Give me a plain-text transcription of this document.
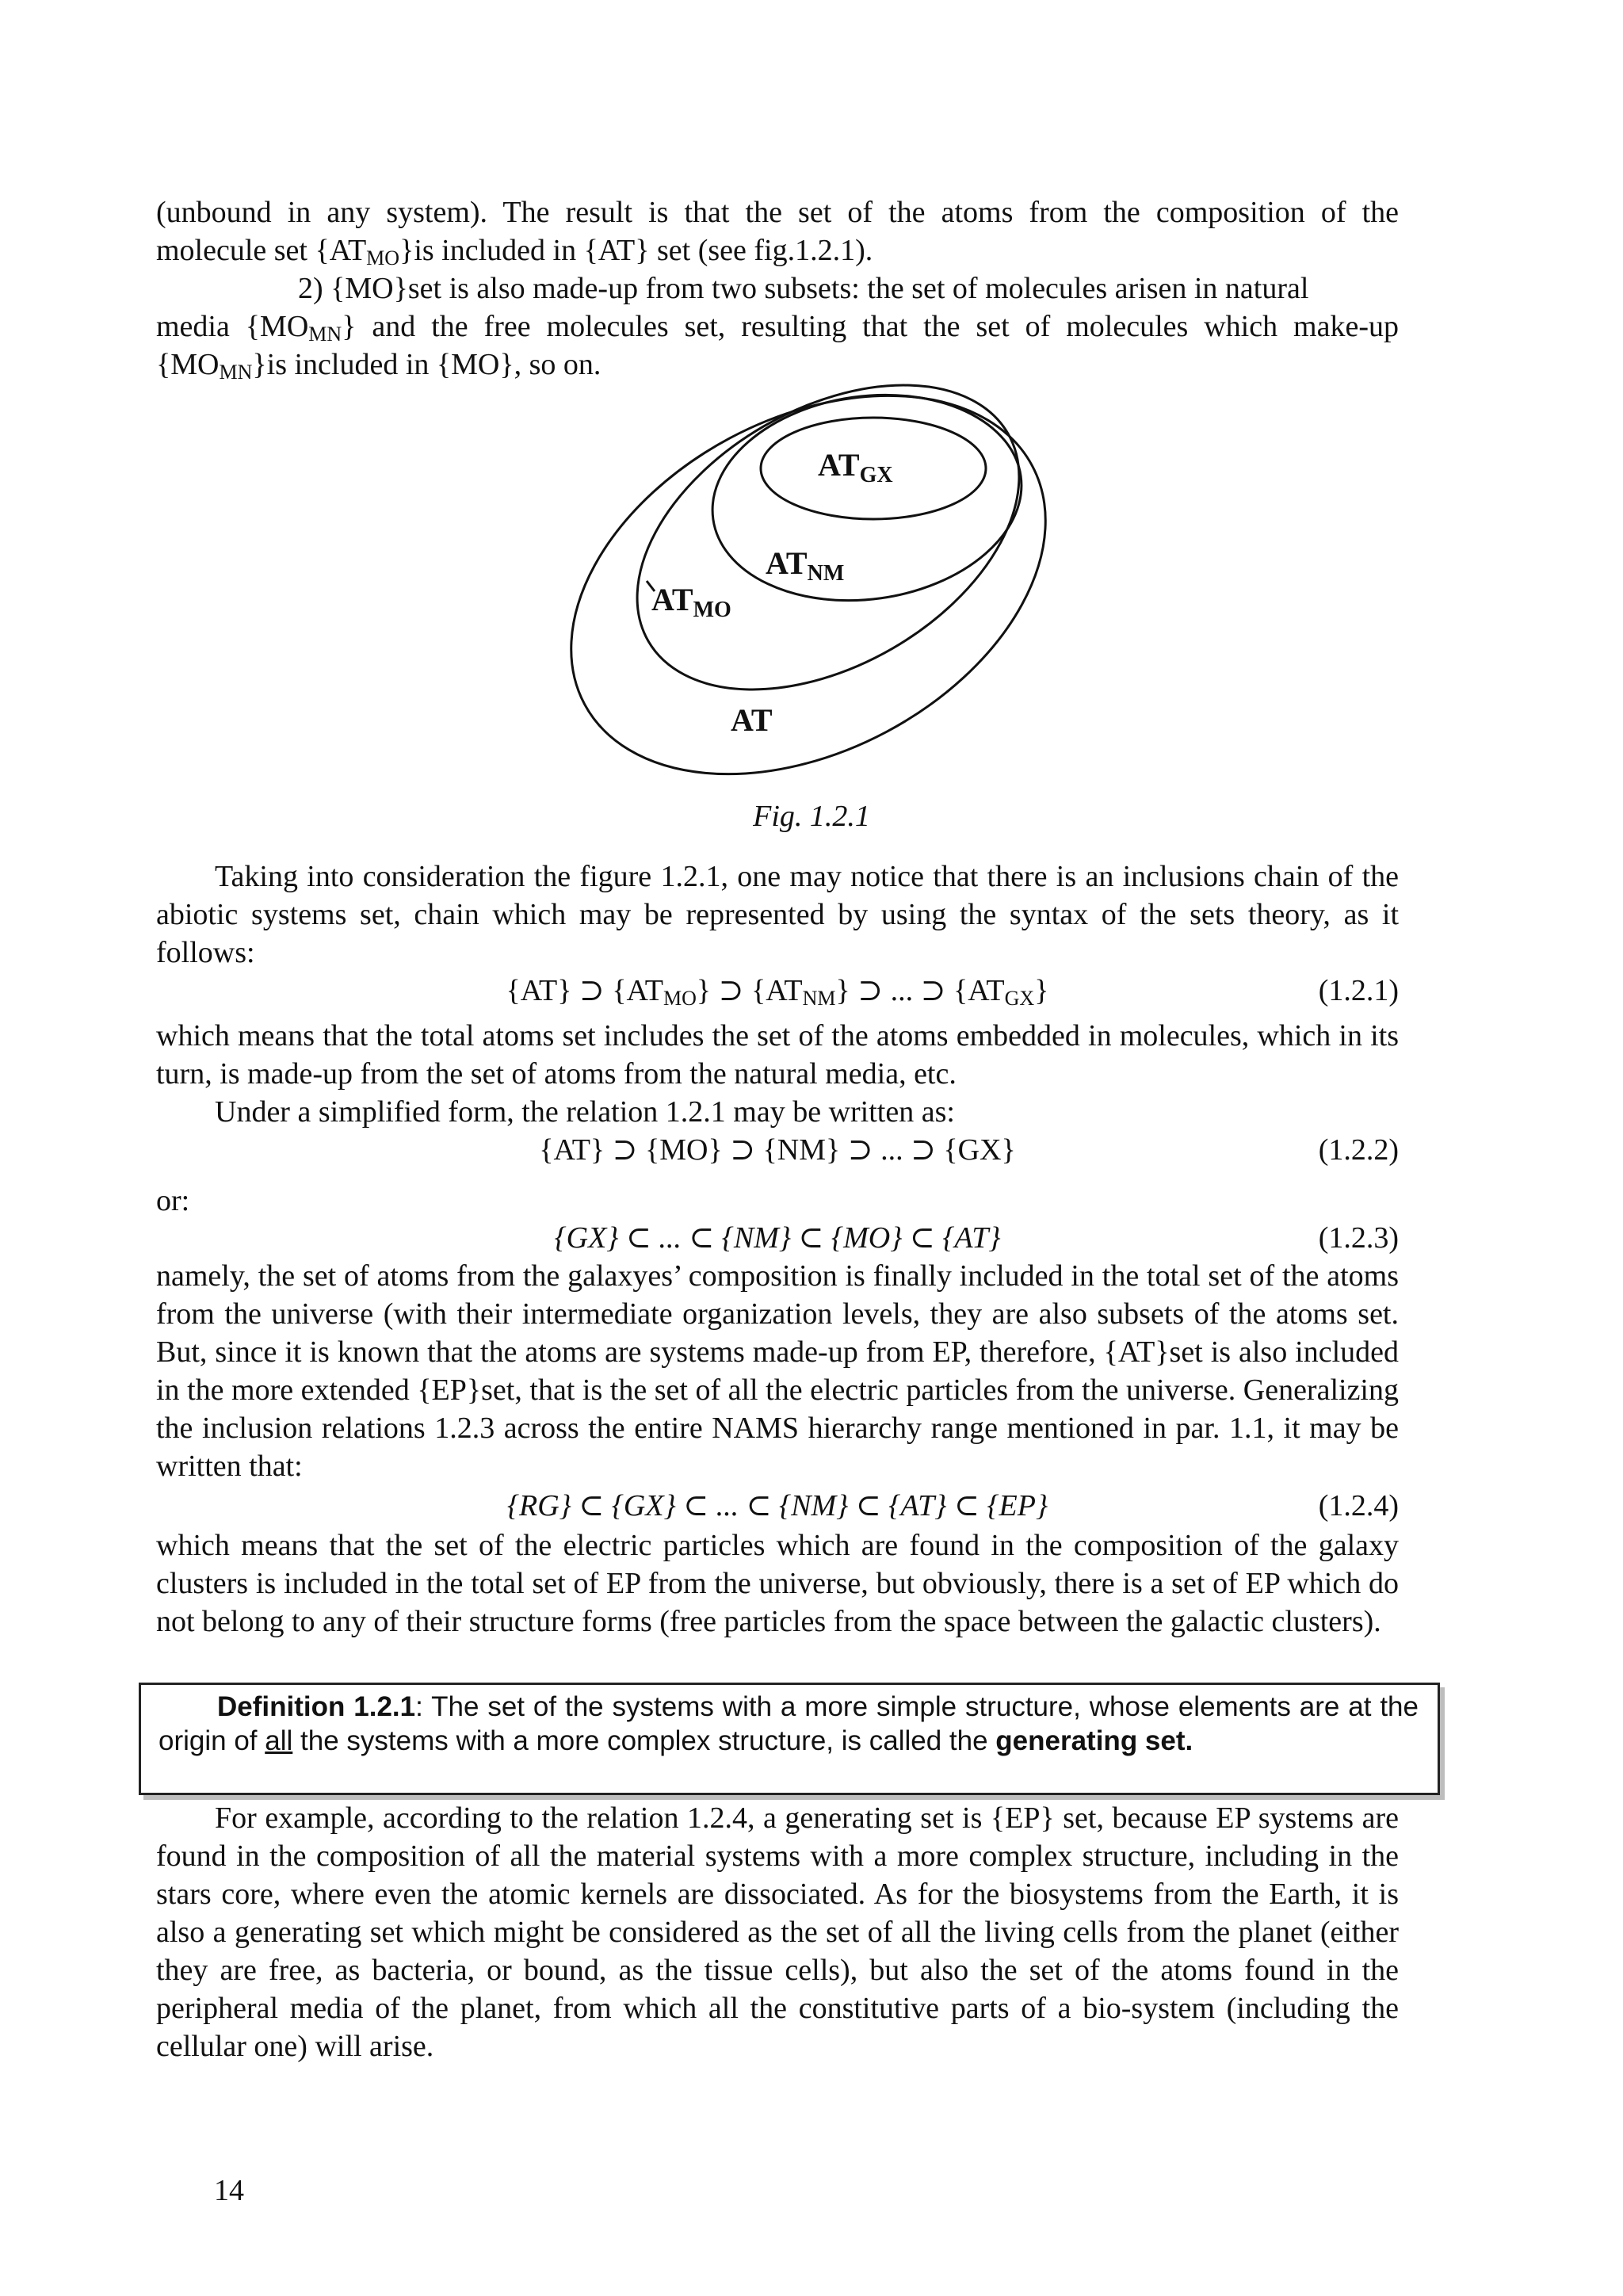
(unbound in any system). The result is that the set of the atoms from the composition of the
molecule set $\{AT_{MO}\}is$ included in {AT} set (see fig.1.2.1).
2) {MO}set is also made-up from two subsets: the set of molecules arisen in natural
media $\{MO_{MN}\}$ and the free molecules set, resulting that the set of molecules which make-up
$\{MO_{MN}\}is$ included in {MO}, so on.
$AT_{GX}$
$AT_{NM}$
$AT_{MO}$
AT
Fig. 1.2.1
Taking into consideration the figure 1.2.1, one may notice that there is an inclusions chain of the abiotic systems set, chain which may be represented by using the syntax of the sets theory, as it follows:
{AT} ⊃ $\{AT_{MO}\}$ ⊃ $\{AT_{NM}\}$ ⊃ ... ⊃ $\{AT_{GX}\}$	(1.2.1)
which means that the total atoms set includes the set of the atoms embedded in molecules, which in its turn, is made-up from the set of atoms from the natural media, etc.
Under a simplified form, the relation 1.2.1 may be written as:
{AT} ⊃ {MO} ⊃ {NM} ⊃ ... ⊃ {GX}	(1.2.2)
or:
{GX} ⊂ ... ⊂ {NM} ⊂ {MO} ⊂ {AT}	(1.2.3)
namely, the set of atoms from the galaxyes’ composition is finally included in the total set of the atoms from the universe (with their intermediate organization levels, they are also subsets of the atoms set. But, since it is known that the atoms are systems made-up from EP, therefore, {AT}set is also included in the more extended {EP}set, that is the set of all the electric particles from the universe. Generalizing the inclusion relations 1.2.3 across the entire NAMS hierarchy range mentioned in par. 1.1, it may be written that:
{RG} ⊂ {GX} ⊂ ... ⊂ {NM} ⊂ {AT} ⊂ {EP}	(1.2.4)
which means that the set of the electric particles which are found in the composition of the galaxy clusters is included in the total set of EP from the universe, but obviously, there is a set of EP which do not belong to any of their structure forms (free particles from the space between the galactic clusters).
Definition 1.2.1: The set of the systems with a more simple structure, whose elements are at the origin of all the systems with a more complex structure, is called the generating set.
For example, according to the relation 1.2.4, a generating set is {EP} set, because EP systems are found in the composition of all the material systems with a more complex structure, including in the stars core, where even the atomic kernels are dissociated. As for the biosystems from the Earth, it is also a generating set which might be considered as the set of all the living cells from the planet (either they are free, as bacteria, or bound, as the tissue cells), but also the set of the atoms found in the peripheral media of the planet, from which all the constitutive parts of a bio-system (including the cellular one) will arise.
14
